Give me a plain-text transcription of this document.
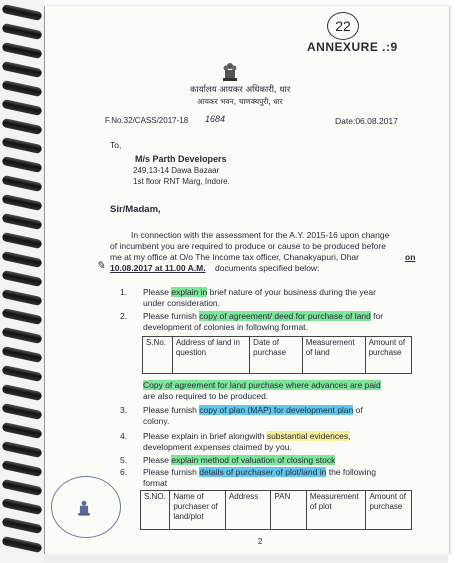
22
ANNEXURE .:9
कार्यालय आयकर अधिकारी, धार
आयकर भवन, चाणक्यपुरी, धार
F.No.32/CASS/2017-18 1684	Date:06.08.2017
To,
M/s Parth Developers
249,13-14 Dawa Bazaar
1st floor RNT Marg, Indore.
Sir/Madam,
In connection with the assessment for the A.Y. 2015-16 upon change
of incumbent you are required to produce or cause to be produced before
me at my office at O/o The Income tax officer, Chanakyapuri, Dhar	on
✎ 10.08.2017 at 11.00 A.M. documents specified below:
1. Please explain in brief nature of your business during the year
under consideration.
2. Please furnish copy of agreement/ deed for purchase of land for
development of colonies in following format.
S.No.	Address of land in question	Date of purchase	Measurement of land	Amount of purchase
Copy of agreement for land purchase where advances are paid
are also required to be produced.
3. Please furnish copy of plan (MAP) for development plan of
colony.
4. Please explain in brief alongwith substantial evidences,
development expenses claimed by you.
5. Please explain method of valuation of closing stock
6. Please furnish details of purchaser of plot/land in the following
format
S.NO.	Name of purchaser of land/plot	Address	PAN	Measurement of plot	Amount of purchase
2
